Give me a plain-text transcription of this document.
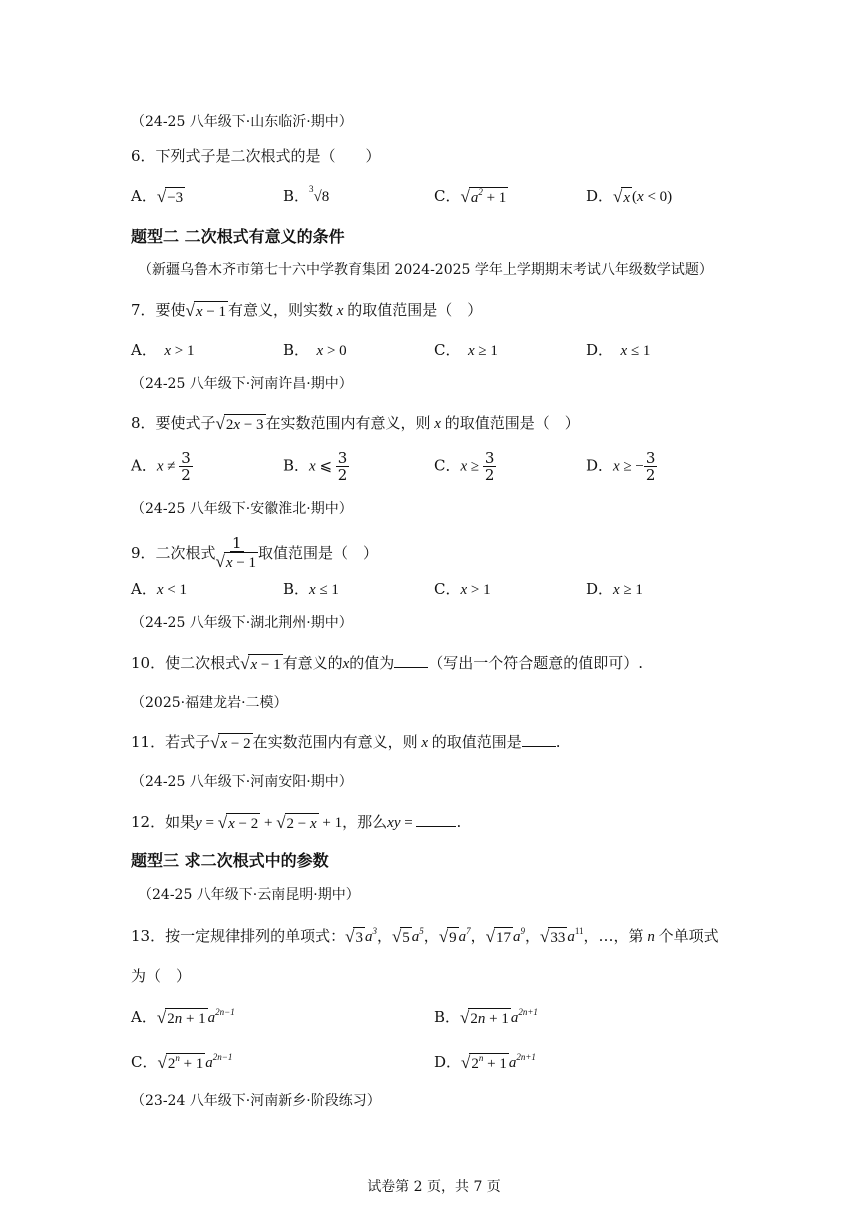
（24-25 八年级下·山东临沂·期中）
6．下列式子是二次根式的是（　　）
A． √ −3	B．$^3$√8	C． √ $a^2 + 1$	D． √ x (x < 0)
题型二 二次根式有意义的条件
（新疆乌鲁木齐市第七十六中学教育集团 2024-2025 学年上学期期末考试八年级数学试题）
7．要使 √ x − 1 有意义，则实数 x 的取值范围是（　）
A．  x > 1	B．  x > 0	C．  x ≥ 1	D．  x ≤ 1
（24-25 八年级下·河南许昌·期中）
8．要使式子 √ 2x − 3 在实数范围内有意义，则 x 的取值范围是（　）
A．$x \ne \frac{3}{2}$	B．x ⩽ $\frac{3}{2}$	C．$x \ge \frac{3}{2}$	D．x ≥ − $\frac{3}{2}$
（24-25 八年级下·安徽淮北·期中）
9．二次根式 $\frac{1}{√ x - 1}$ 取值范围是（　）
A．x < 1	B．x ≤ 1	C．x > 1	D．x ≥ 1
（24-25 八年级下·湖北荆州·期中）
10．使二次根式 √ x − 1 有意义的x的值为 （写出一个符合题意的值即可）.
（2025·福建龙岩·二模）
11．若式子 √ x − 2 在实数范围内有意义，则 x 的取值范围是 .
（24-25 八年级下·河南安阳·期中）
12．如果y = √ x − 2 + √ 2 − x + 1，那么xy =	.
题型三 求二次根式中的参数
（24-25 八年级下·云南昆明·期中）
13．按一定规律排列的单项式： √ 3 $a^3$， √ 5 $a^5$， √ 9 $a^7$， √ 17 $a^9$， √ 33 $a^{11}$，…，第 n 个单项式
为（　）
A． √ 2n + 1 $a^{2n-1}$	B． √ 2n + 1 $a^{2n+1}$
C． √ $2^n + 1$ $a^{2n-1}$	D． √ $2^n + 1$ $a^{2n+1}$
（23-24 八年级下·河南新乡·阶段练习）
试卷第 2 页，共 7 页
